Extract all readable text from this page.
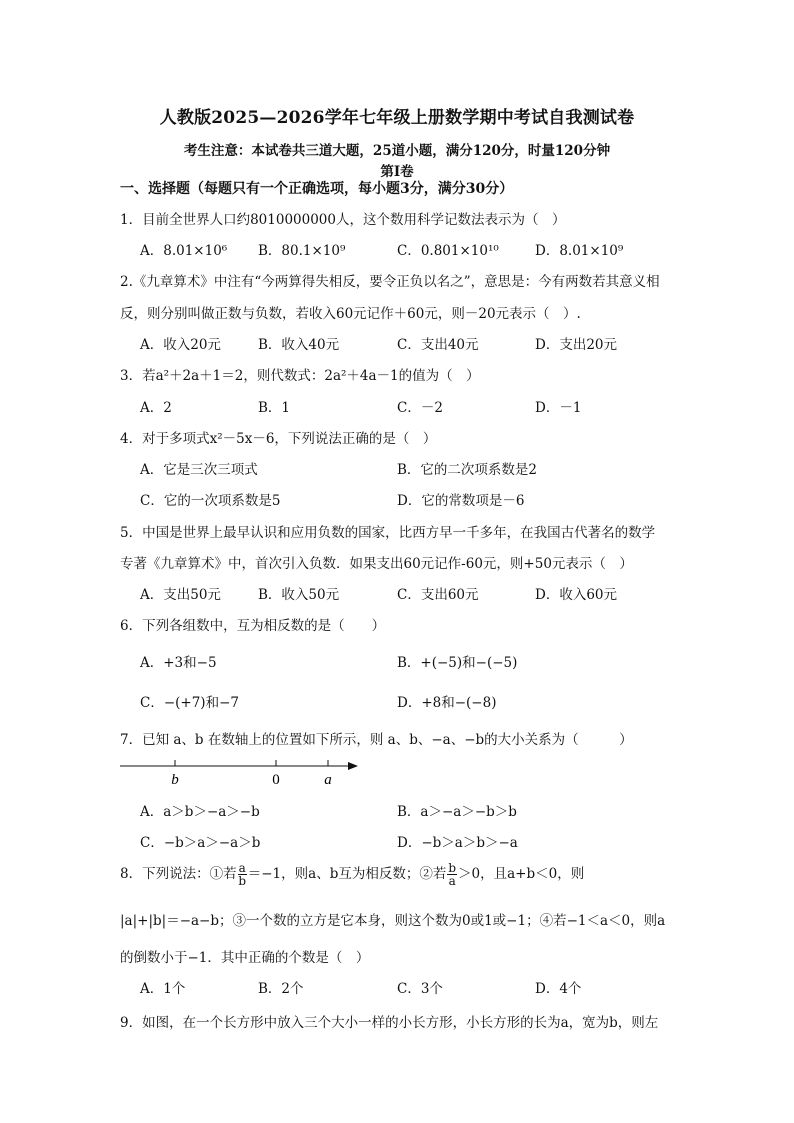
人教版2025—2026学年七年级上册数学期中考试自我测试卷
考生注意：本试卷共三道大题，25道小题，满分120分，时量120分钟
第Ⅰ卷
一、选择题（每题只有一个正确选项，每小题3分，满分30分）
1．目前全世界人口约8010000000人，这个数用科学记数法表示为（　）
A．8.01×10⁶ B．80.1×10⁹	C．0.801×10¹⁰	D．8.01×10⁹
2.《九章算术》中注有“今两算得失相反，要令正负以名之”，意思是：今有两数若其意义相
反，则分别叫做正数与负数，若收入60元记作＋60元，则－20元表示（　）.
A．收入20元	B．收入40元	C．支出40元	D．支出20元
3．若a²＋2a＋1＝2，则代数式：2a²＋4a－1的值为（　）
A．2	B．1	C．－2	D．－1
4．对于多项式x²－5x－6，下列说法正确的是（　）
A．它是三次三项式	B．它的二次项系数是2
C．它的一次项系数是5	D．它的常数项是－6
5．中国是世界上最早认识和应用负数的国家，比西方早一千多年，在我国古代著名的数学
专著《九章算术》中，首次引入负数．如果支出60元记作-60元，则+50元表示（　）
A．支出50元	B．收入50元	C．支出60元	D．收入60元
6．下列各组数中，互为相反数的是（　　）
A．+3和−5	B．+(−5)和−(−5)
C．−(+7)和−7	D．+8和−(−8)
7．已知 a、b 在数轴上的位置如下所示，则 a、b、−a、−b的大小关系为（　　　）
b	0	a
A．a＞b＞−a＞−b	B．a＞−a＞−b＞b
C．−b＞a＞−a＞b	D．−b＞a＞b＞−a
8．下列说法：①若 $\frac{a}{b} =-1$，则a、b互为相反数；②若 $\frac{b}{a} >0$，且a+b＜0，则
|a|+|b|＝−a−b；③一个数的立方是它本身，则这个数为0或1或−1；④若−1＜a＜0，则a
的倒数小于−1．其中正确的个数是（　）
A．1个	B．2个	C．3个	D．4个
9．如图，在一个长方形中放入三个大小一样的小长方形，小长方形的长为a，宽为b，则左
